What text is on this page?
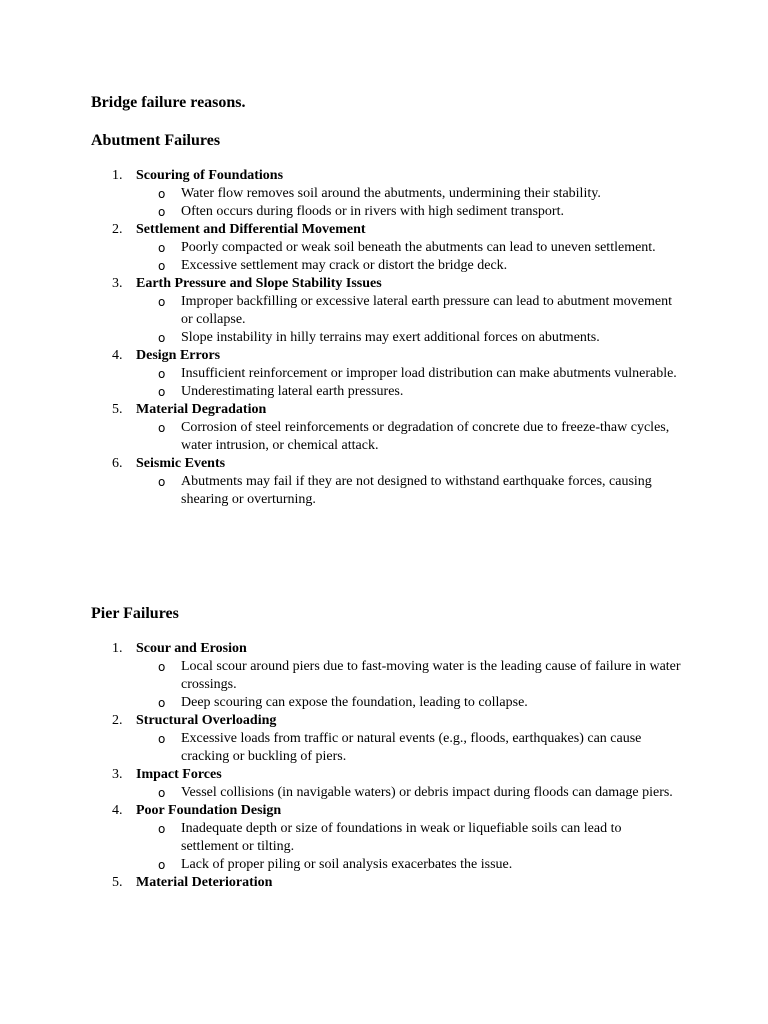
Bridge failure reasons.
Abutment Failures
1. Scouring of Foundations
o Water flow removes soil around the abutments, undermining their stability.
o Often occurs during floods or in rivers with high sediment transport.
2. Settlement and Differential Movement
o Poorly compacted or weak soil beneath the abutments can lead to uneven settlement.
o Excessive settlement may crack or distort the bridge deck.
3. Earth Pressure and Slope Stability Issues
o Improper backfilling or excessive lateral earth pressure can lead to abutment movement or collapse.
o Slope instability in hilly terrains may exert additional forces on abutments.
4. Design Errors
o Insufficient reinforcement or improper load distribution can make abutments vulnerable.
o Underestimating lateral earth pressures.
5. Material Degradation
o Corrosion of steel reinforcements or degradation of concrete due to freeze-thaw cycles, water intrusion, or chemical attack.
6. Seismic Events
o Abutments may fail if they are not designed to withstand earthquake forces, causing shearing or overturning.
Pier Failures
1. Scour and Erosion
o Local scour around piers due to fast-moving water is the leading cause of failure in water crossings.
o Deep scouring can expose the foundation, leading to collapse.
2. Structural Overloading
o Excessive loads from traffic or natural events (e.g., floods, earthquakes) can cause cracking or buckling of piers.
3. Impact Forces
o Vessel collisions (in navigable waters) or debris impact during floods can damage piers.
4. Poor Foundation Design
o Inadequate depth or size of foundations in weak or liquefiable soils can lead to settlement or tilting.
o Lack of proper piling or soil analysis exacerbates the issue.
5. Material Deterioration
